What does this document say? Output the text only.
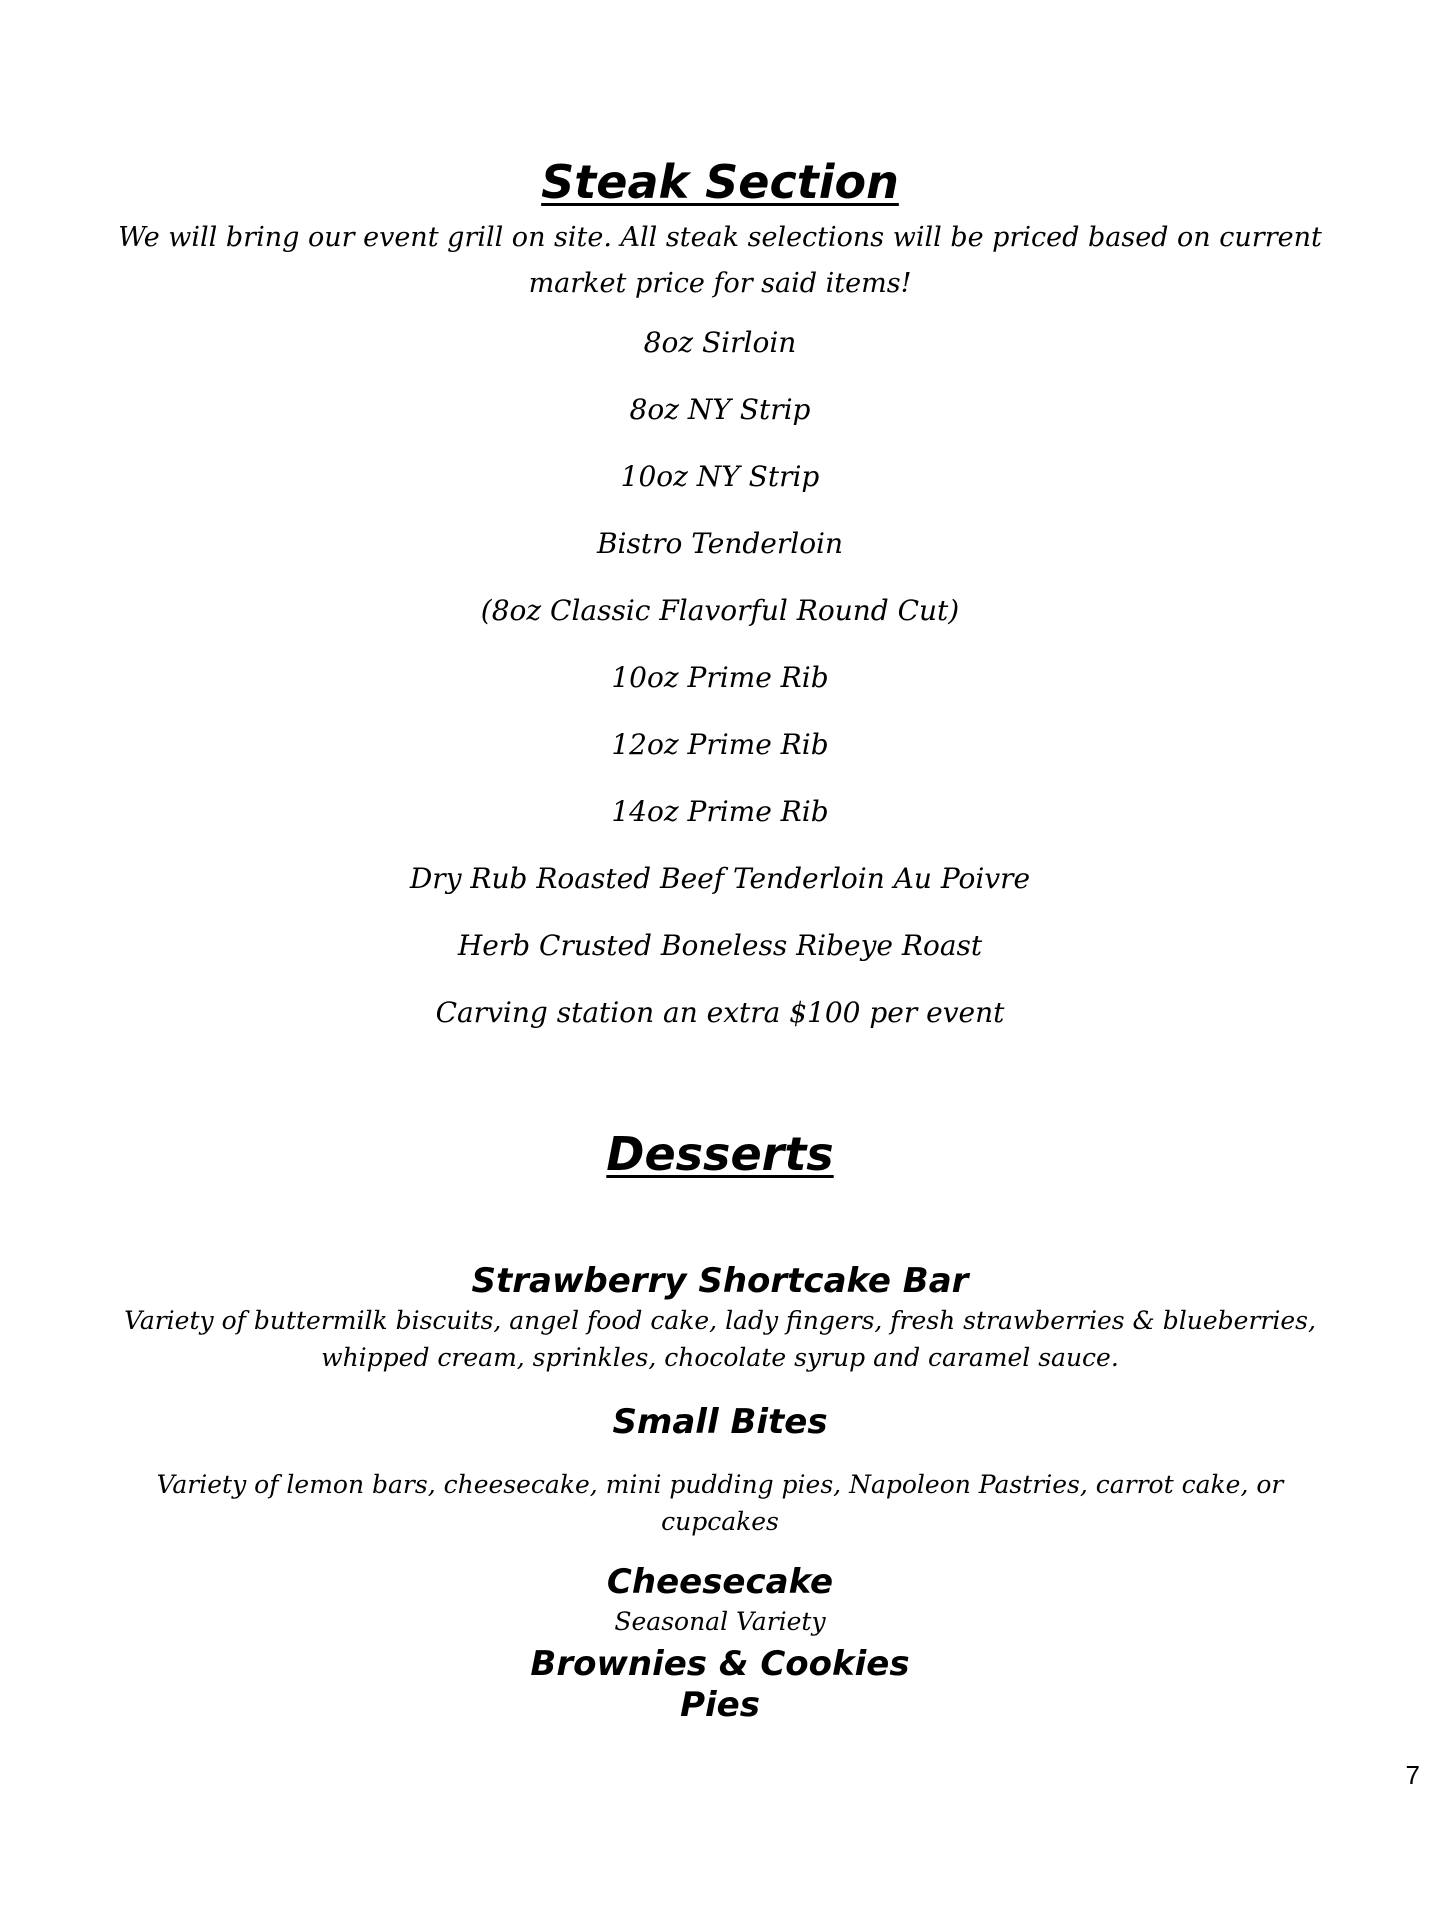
Steak Section

We will bring our event grill on site. All steak selections will be priced based on current market price for said items!

8oz Sirloin
8oz NY Strip
10oz NY Strip
Bistro Tenderloin
(8oz Classic Flavorful Round Cut)
10oz Prime Rib
12oz Prime Rib
14oz Prime Rib
Dry Rub Roasted Beef Tenderloin Au Poivre
Herb Crusted Boneless Ribeye Roast
Carving station an extra $100 per event
Desserts
Strawberry Shortcake Bar

Variety of buttermilk biscuits, angel food cake, lady fingers, fresh strawberries & blueberries, whipped cream, sprinkles, chocolate syrup and caramel sauce.

Small Bites

Variety of lemon bars, cheesecake, mini pudding pies, Napoleon Pastries, carrot cake, or cupcakes

Cheesecake

Seasonal Variety

Brownies & Cookies
Pies
7
